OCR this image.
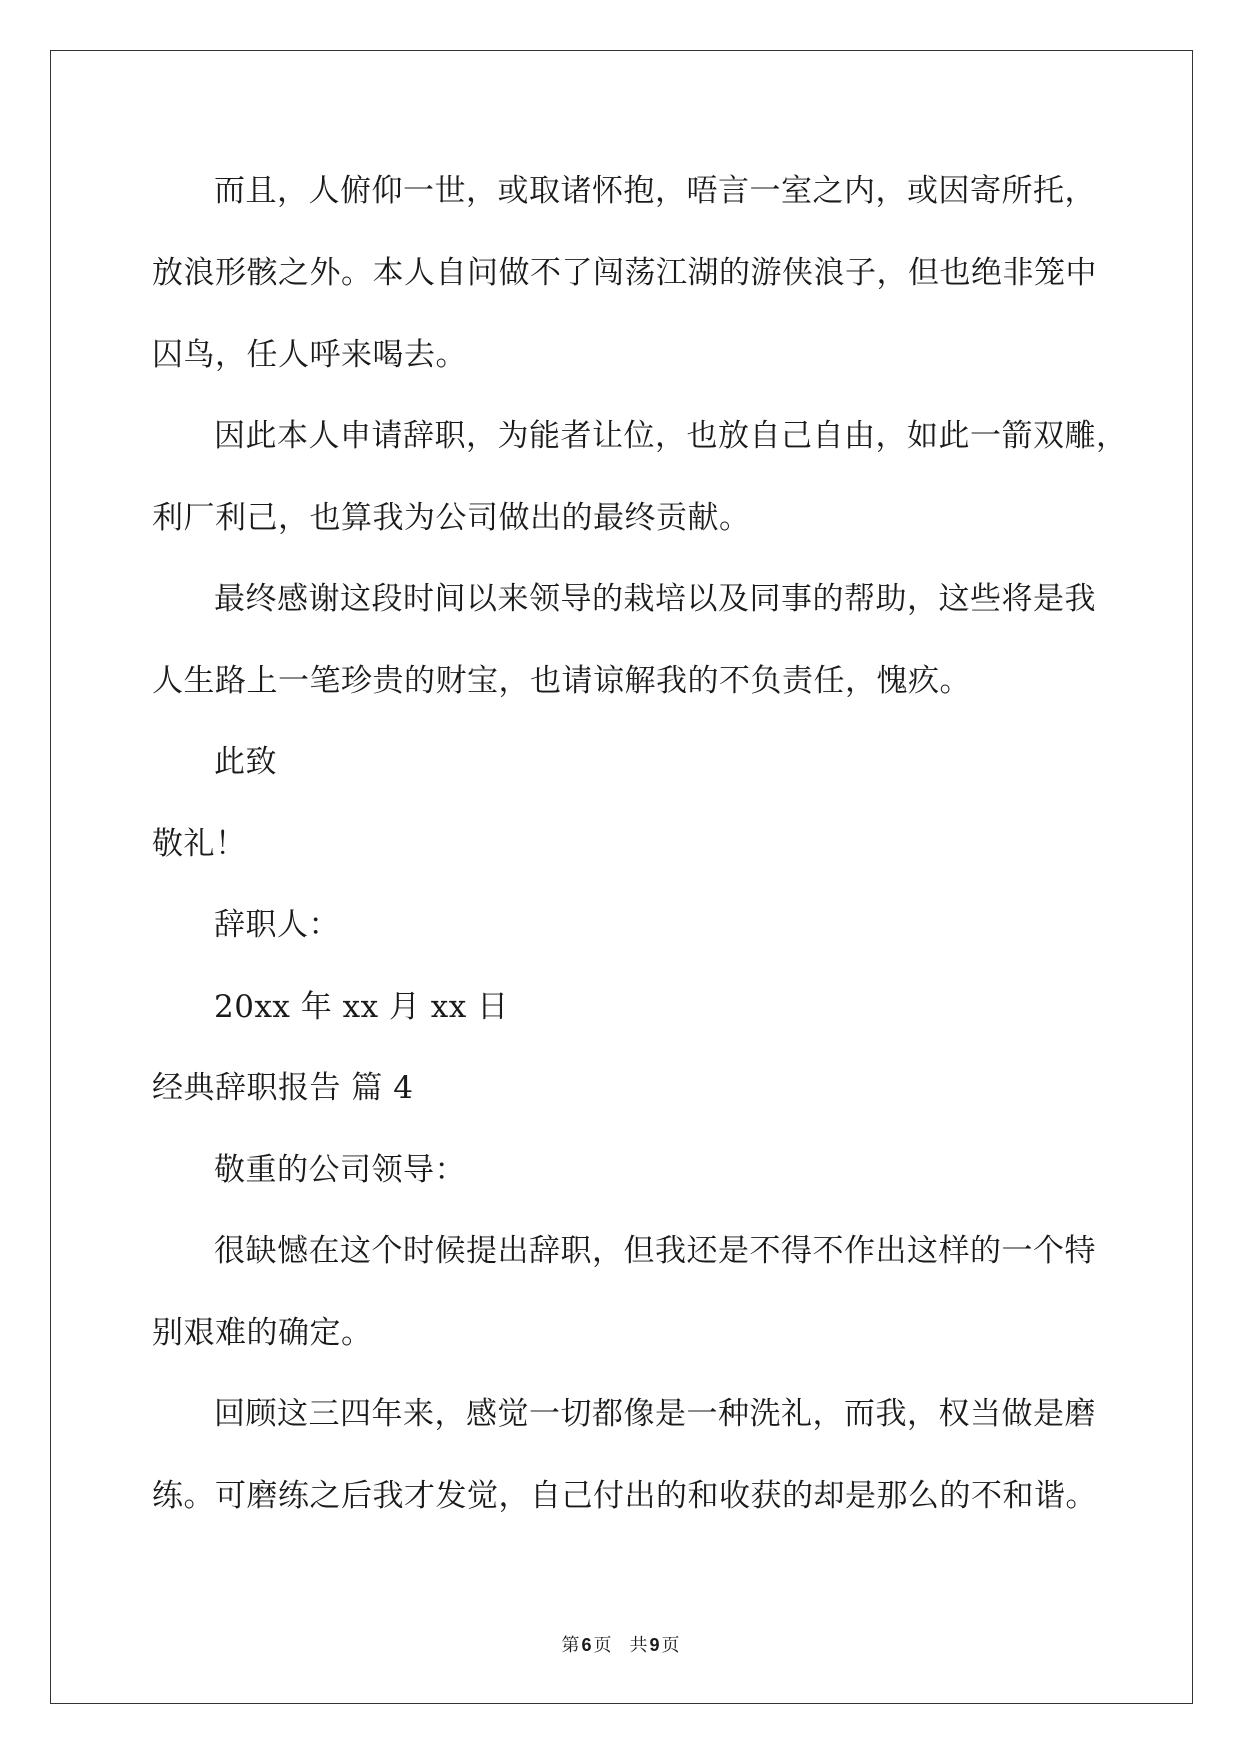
而且，人俯仰一世，或取诸怀抱，唔言一室之内，或因寄所托，
放浪形骸之外。本人自问做不了闯荡江湖的游侠浪子，但也绝非笼中
囚鸟，任人呼来喝去。
因此本人申请辞职，为能者让位，也放自己自由，如此一箭双雕，
利厂利己，也算我为公司做出的最终贡献。
最终感谢这段时间以来领导的栽培以及同事的帮助，这些将是我
人生路上一笔珍贵的财宝，也请谅解我的不负责任，愧疚。
此致
敬礼！
辞职人：
20xx 年 xx 月 xx 日
经典辞职报告 篇 4
敬重的公司领导：
很缺憾在这个时候提出辞职，但我还是不得不作出这样的一个特
别艰难的确定。
回顾这三四年来，感觉一切都像是一种洗礼，而我，权当做是磨
练。可磨练之后我才发觉，自己付出的和收获的却是那么的不和谐。
第 6 页 共 9 页
